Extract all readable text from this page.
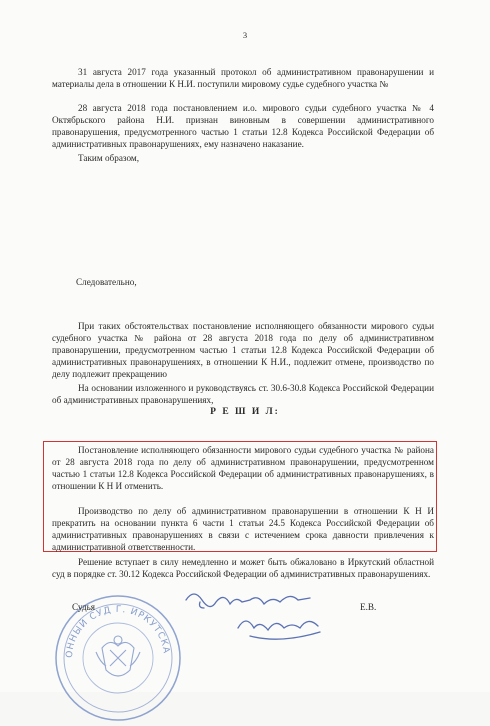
3

31 августа 2017 года указанный протокол об административном правонарушении и материалы дела в отношении К Н.И. поступили мировому судье судебного участка №

28 августа 2018 года постановлением и.о. мирового судьи судебного участка № 4 Октябрьского района Н.И. признан виновным в совершении административного правонарушения, предусмотренного частью 1 статьи 12.8 Кодекса Российской Федерации об административных правонарушениях, ему назначено наказание.

Таким образом,

Следовательно,

При таких обстоятельствах постановление исполняющего обязанности мирового судьи судебного участка № района от 28 августа 2018 года по делу об административном правонарушении, предусмотренном частью 1 статьи 12.8 Кодекса Российской Федерации об административных правонарушениях, в отношении К Н.И., подлежит отмене, производство по делу подлежит прекращению

На основании изложенного и руководствуясь ст. 30.6-30.8 Кодекса Российской Федерации об административных правонарушениях,

Р Е Ш И Л:

Постановление исполняющего обязанности мирового судьи судебного участка № района от 28 августа 2018 года по делу об административном правонарушении, предусмотренном частью 1 статьи 12.8 Кодекса Российской Федерации об административных правонарушениях, в отношении К Н И отменить.

Производство по делу об административном правонарушении в отношении К Н И прекратить на основании пункта 6 части 1 статьи 24.5 Кодекса Российской Федерации об административных правонарушениях в связи с истечением срока давности привлечения к административной ответственности.

Решение вступает в силу немедленно и может быть обжаловано в Иркутский областной суд в порядке ст. 30.12 Кодекса Российской Федерации об административных правонарушениях.

ОННЫЙ СУД Г. ИРКУТСКА
Судья	Е.В.
